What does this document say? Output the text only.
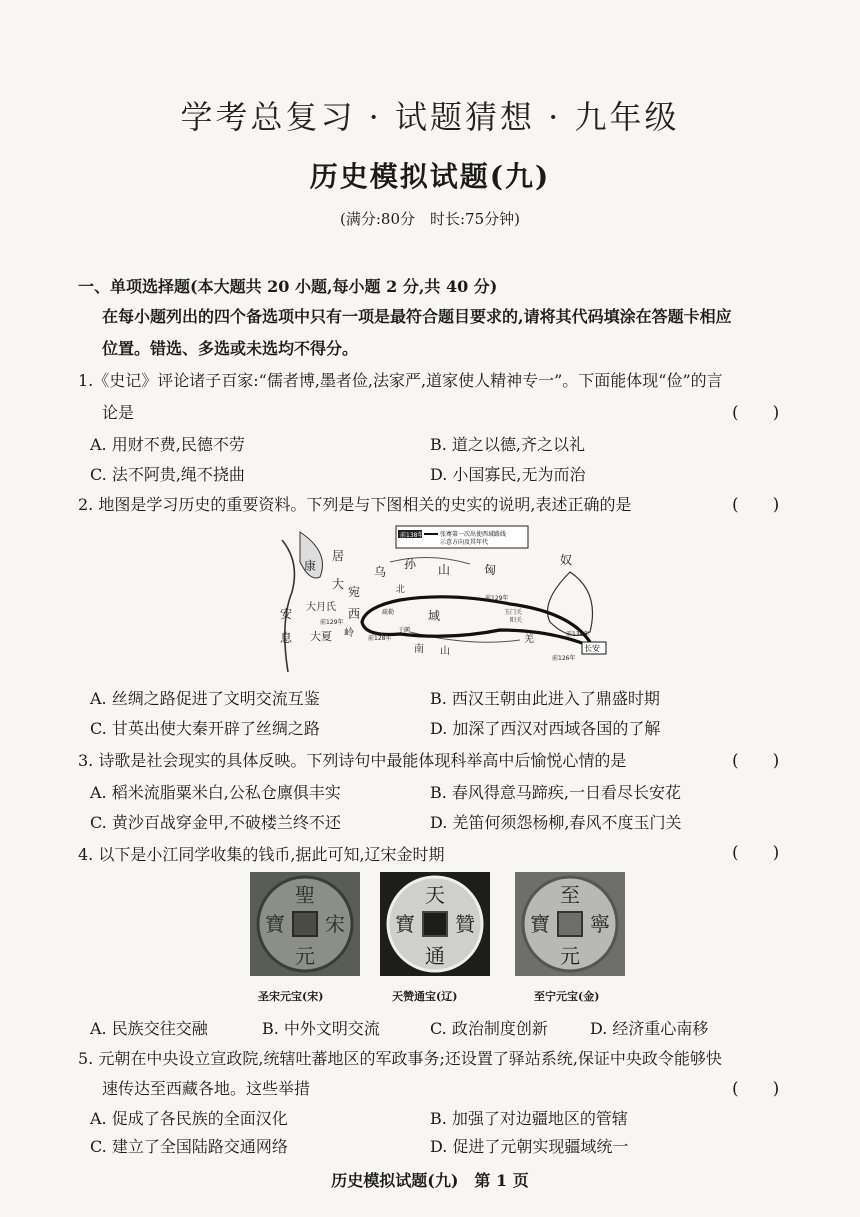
学考总复习 · 试题猜想 · 九年级
历史模拟试题(九)
(满分:80分　时长:75分钟)
一、单项选择题(本大题共 20 小题,每小题 2 分,共 40 分)
在每小题列出的四个备选项中只有一项是最符合题目要求的,请将其代码填涂在答题卡相应
位置。错选、多选或未选均不得分。
1.《史记》评论诸子百家:“儒者博,墨者俭,法家严,道家使人精神专一”。下面能体现“俭”的言
论是	(　　)
A. 用财不费,民德不劳	B. 道之以德,齐之以礼
C. 法不阿贵,绳不挠曲	D. 小国寡民,无为而治
2. 地图是学习历史的重要资料。下列是与下图相关的史实的说明,表述正确的是	(　　)
前138年	张骞第一次出使西域路线
示意方向及其年代
康
居
乌
孙 山	匈
奴
大
宛	北
安
息
大月氏 西	域
岭
大夏
南 山
羌
前129年
前129年
前128年
前126年
前138年
玉门关
阳关
于阗
疏勒
长安
A. 丝绸之路促进了文明交流互鉴	B. 西汉王朝由此进入了鼎盛时期
C. 甘英出使大秦开辟了丝绸之路	D. 加深了西汉对西域各国的了解
3. 诗歌是社会现实的具体反映。下列诗句中最能体现科举高中后愉悦心情的是	(　　)
A. 稻米流脂粟米白,公私仓廪俱丰实	B. 春风得意马蹄疾,一日看尽长安花
C. 黄沙百战穿金甲,不破楼兰终不还	D. 羌笛何须怨杨柳,春风不度玉门关
4. 以下是小江同学收集的钱币,据此可知,辽宋金时期	(　　)
聖
宋
元
寶
天
贊
通
寶
至
寧
元
寶
圣宋元宝(宋)	天赞通宝(辽)	至宁元宝(金)
A. 民族交往交融	B. 中外文明交流	C. 政治制度创新	D. 经济重心南移
5. 元朝在中央设立宣政院,统辖吐蕃地区的军政事务;还设置了驿站系统,保证中央政令能够快
速传达至西藏各地。这些举措	(　　)
A. 促成了各民族的全面汉化	B. 加强了对边疆地区的管辖
C. 建立了全国陆路交通网络	D. 促进了元朝实现疆域统一
历史模拟试题(九)　第 1 页
